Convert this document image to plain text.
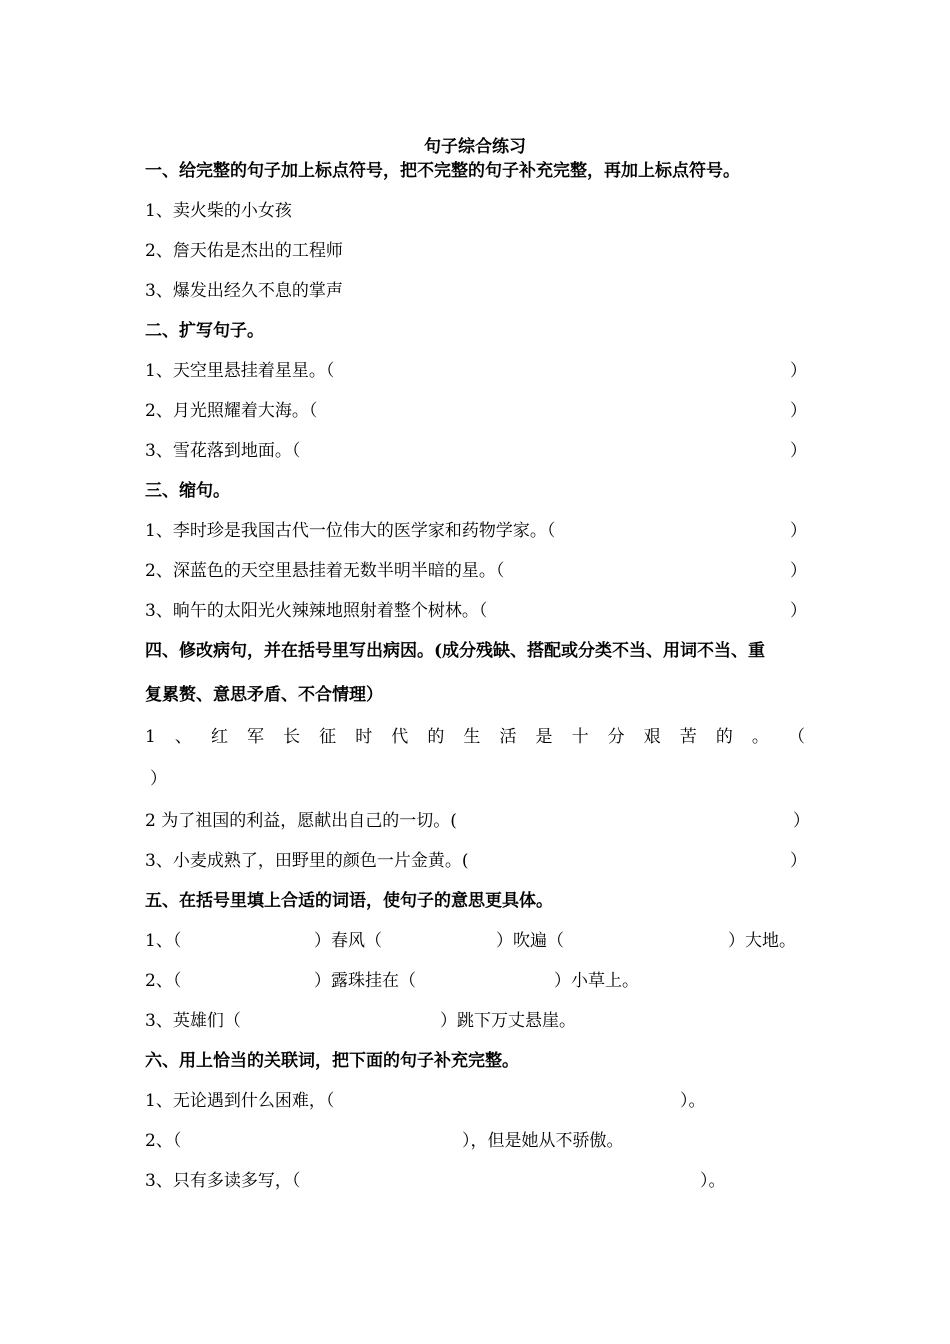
句子综合练习
一、给完整的句子加上标点符号，把不完整的句子补充完整，再加上标点符号。
1、卖火柴的小女孩
2、詹天佑是杰出的工程师
3、爆发出经久不息的掌声
二、扩写句子。
1、天空里悬挂着星星。（	）
2、月光照耀着大海。（	）
3、雪花落到地面。（	）
三、缩句。
1、李时珍是我国古代一位伟大的医学家和药物学家。（	）
2、深蓝色的天空里悬挂着无数半明半暗的星。（	）
3、晌午的太阳光火辣辣地照射着整个树林。（	）
四、修改病句，并在括号里写出病因。(成分残缺、搭配或分类不当、用词不当、重
复累赘、意思矛盾、不合情理）
1 、 红 军 长 征 时 代 的 生 活 是 十 分 艰 苦 的 。 （
）
2 为了祖国的利益，愿献出自己的一切。(	）
3、小麦成熟了，田野里的颜色一片金黄。(	）
五、在括号里填上合适的词语，使句子的意思更具体。
1、（	）春风（	）吹遍（	）大地。
2、（	）露珠挂在（	）小草上。
3、英雄们（	）跳下万丈悬崖。
六、用上恰当的关联词，把下面的句子补充完整。
1、无论遇到什么困难，（	）。
2、（	），但是她从不骄傲。
3、只有多读多写，（	）。
